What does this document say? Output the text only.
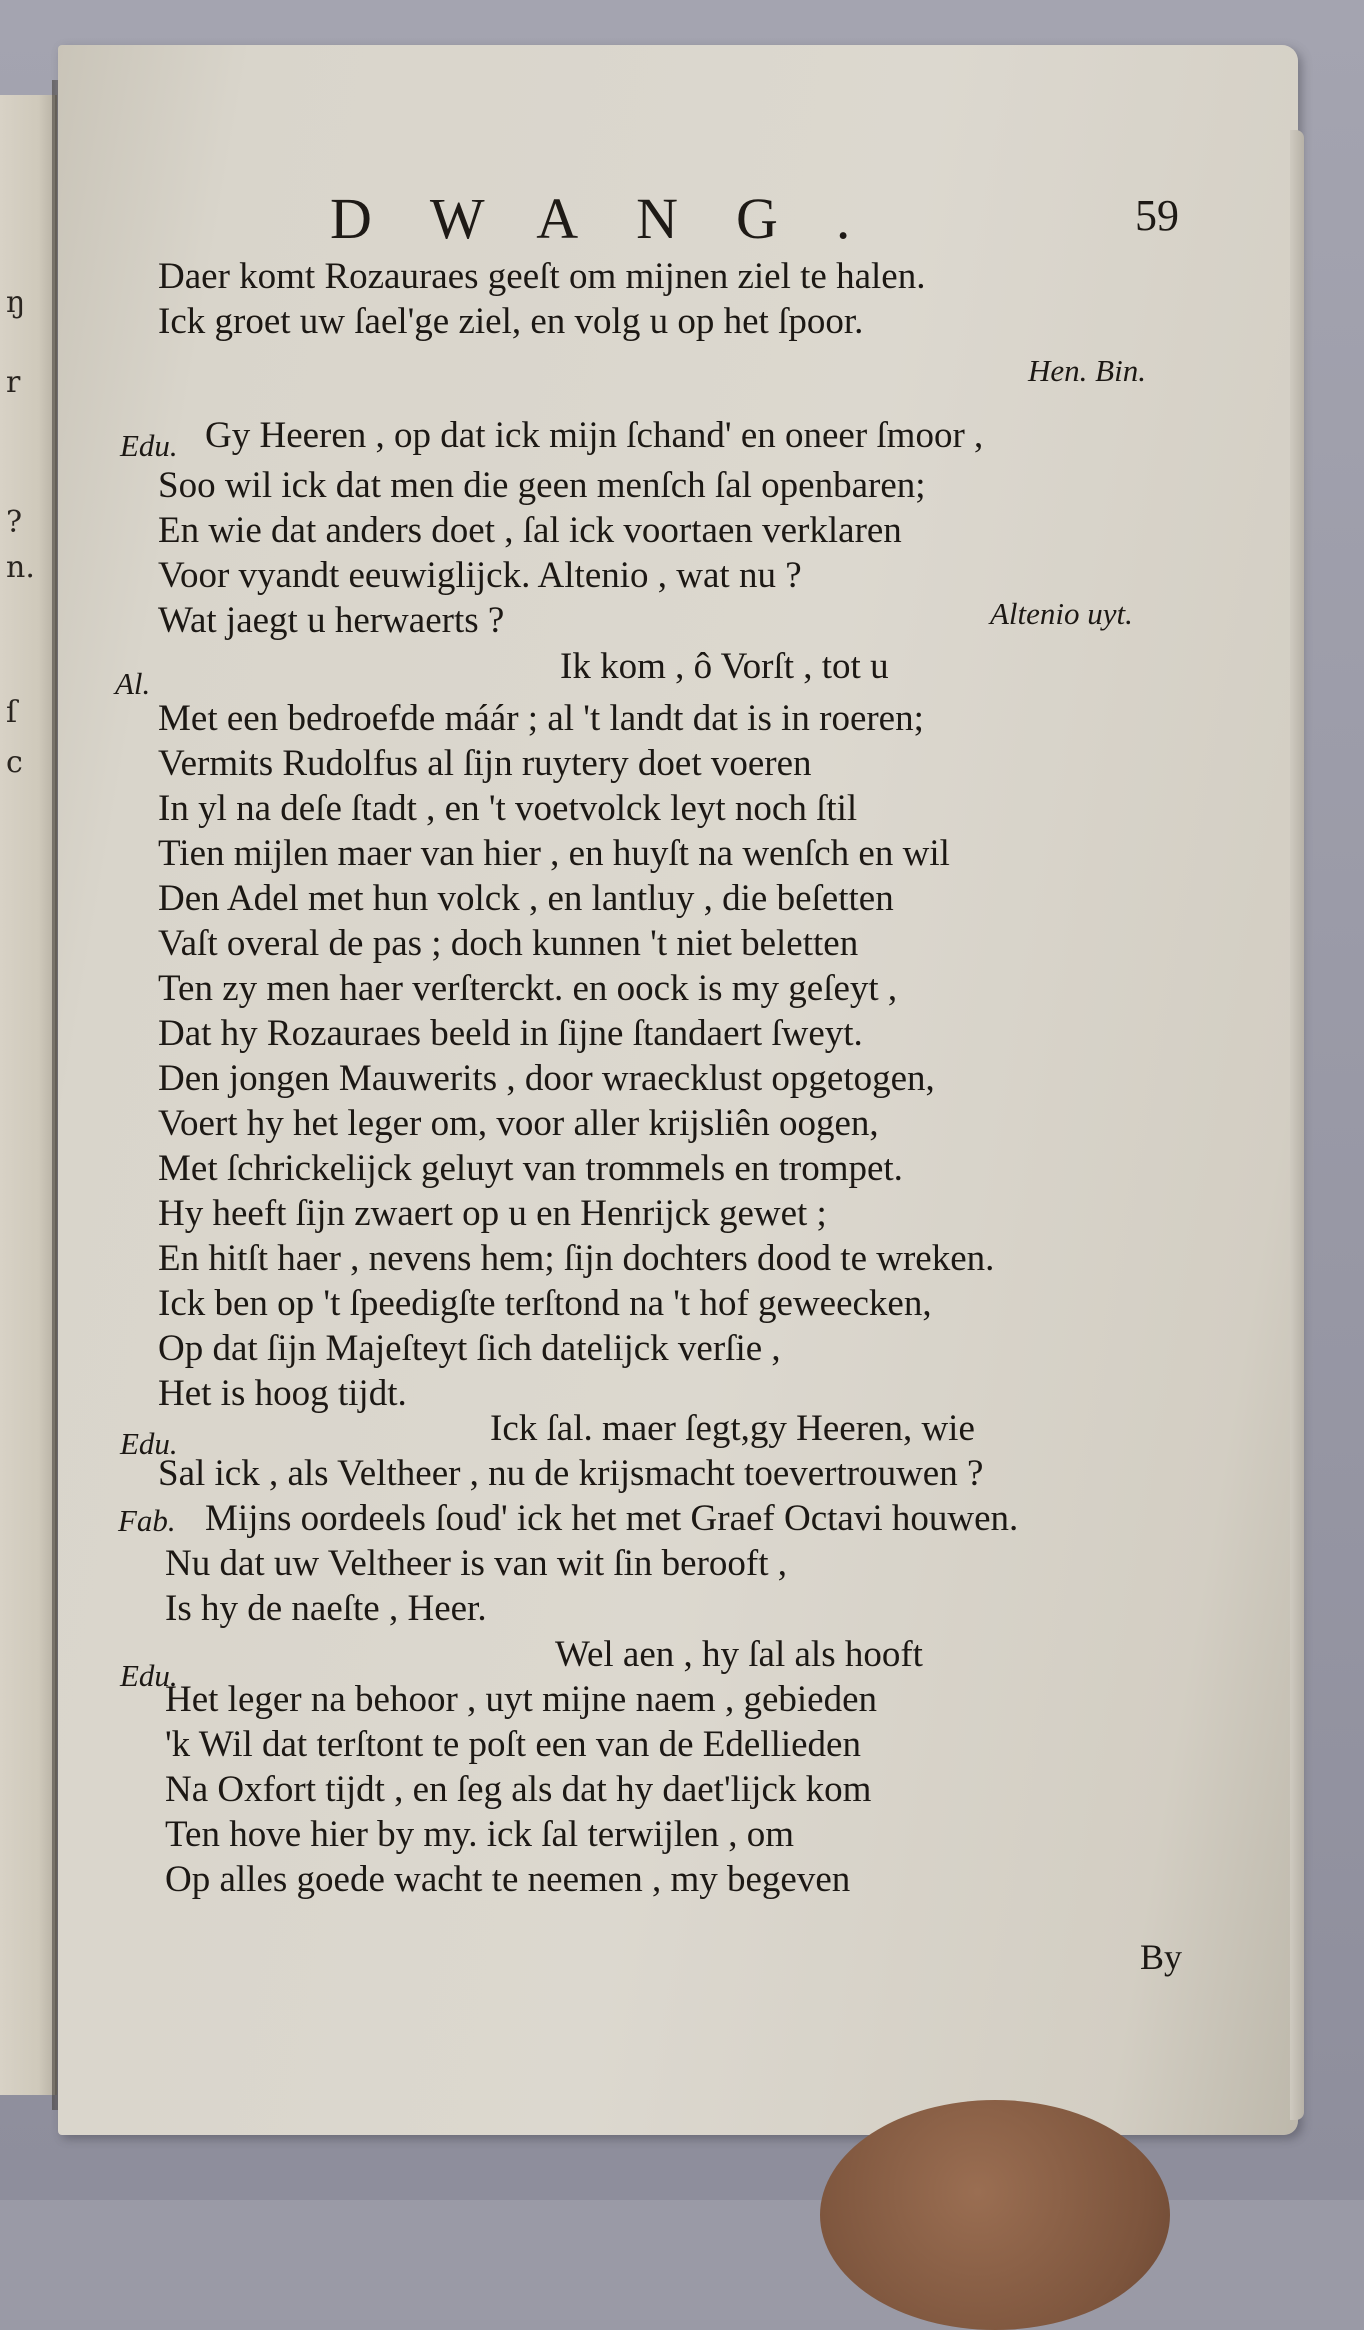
ŋ
r
?
n.
ſ
c
DWANG.	59
Daer komt Rozauraes geeſt om mijnen ziel te halen.
Ick groet uw ſael'ge ziel, en volg u op het ſpoor.
Hen. Bin.
Edu. Gy Heeren , op dat ick mijn ſchand' en oneer ſmoor ,
Soo wil ick dat men die geen menſch ſal openbaren;
En wie dat anders doet , ſal ick voortaen verklaren
Voor vyandt eeuwiglijck. Altenio , wat nu ?
Wat jaegt u herwaerts ?	Altenio uyt.
Al.	Ik kom , ô Vorſt , tot u
Met een bedroefde máár ; al 't landt dat is in roeren;
Vermits Rudolfus al ſijn ruytery doet voeren
In yl na deſe ſtadt , en 't voetvolck leyt noch ſtil
Tien mijlen maer van hier , en huyſt na wenſch en wil
Den Adel met hun volck , en lantluy , die beſetten
Vaſt overal de pas ; doch kunnen 't niet beletten
Ten zy men haer verſterckt. en oock is my geſeyt ,
Dat hy Rozauraes beeld in ſijne ſtandaert ſweyt.
Den jongen Mauwerits , door wraecklust opgetogen,
Voert hy het leger om, voor aller krijsliên oogen,
Met ſchrickelijck geluyt van trommels en trompet.
Hy heeft ſijn zwaert op u en Henrijck gewet ;
En hitſt haer , nevens hem; ſijn dochters dood te wreken.
Ick ben op 't ſpeedigſte terſtond na 't hof geweecken,
Op dat ſijn Majeſteyt ſich datelijck verſie ,
Het is hoog tijdt.
Edu.	Ick ſal. maer ſegt,gy Heeren, wie
Sal ick , als Veltheer , nu de krijsmacht toevertrouwen ?
Fab. Mijns oordeels ſoud' ick het met Graef Octavi houwen.
Nu dat uw Veltheer is van wit ſin berooft ,
Is hy de naeſte , Heer.
Edu.
Wel aen , hy ſal als hooft
Het leger na behoor , uyt mijne naem , gebieden
'k Wil dat terſtont te poſt een van de Edellieden
Na Oxfort tijdt , en ſeg als dat hy daet'lijck kom
Ten hove hier by my. ick ſal terwijlen , om
Op alles goede wacht te neemen , my begeven
By
